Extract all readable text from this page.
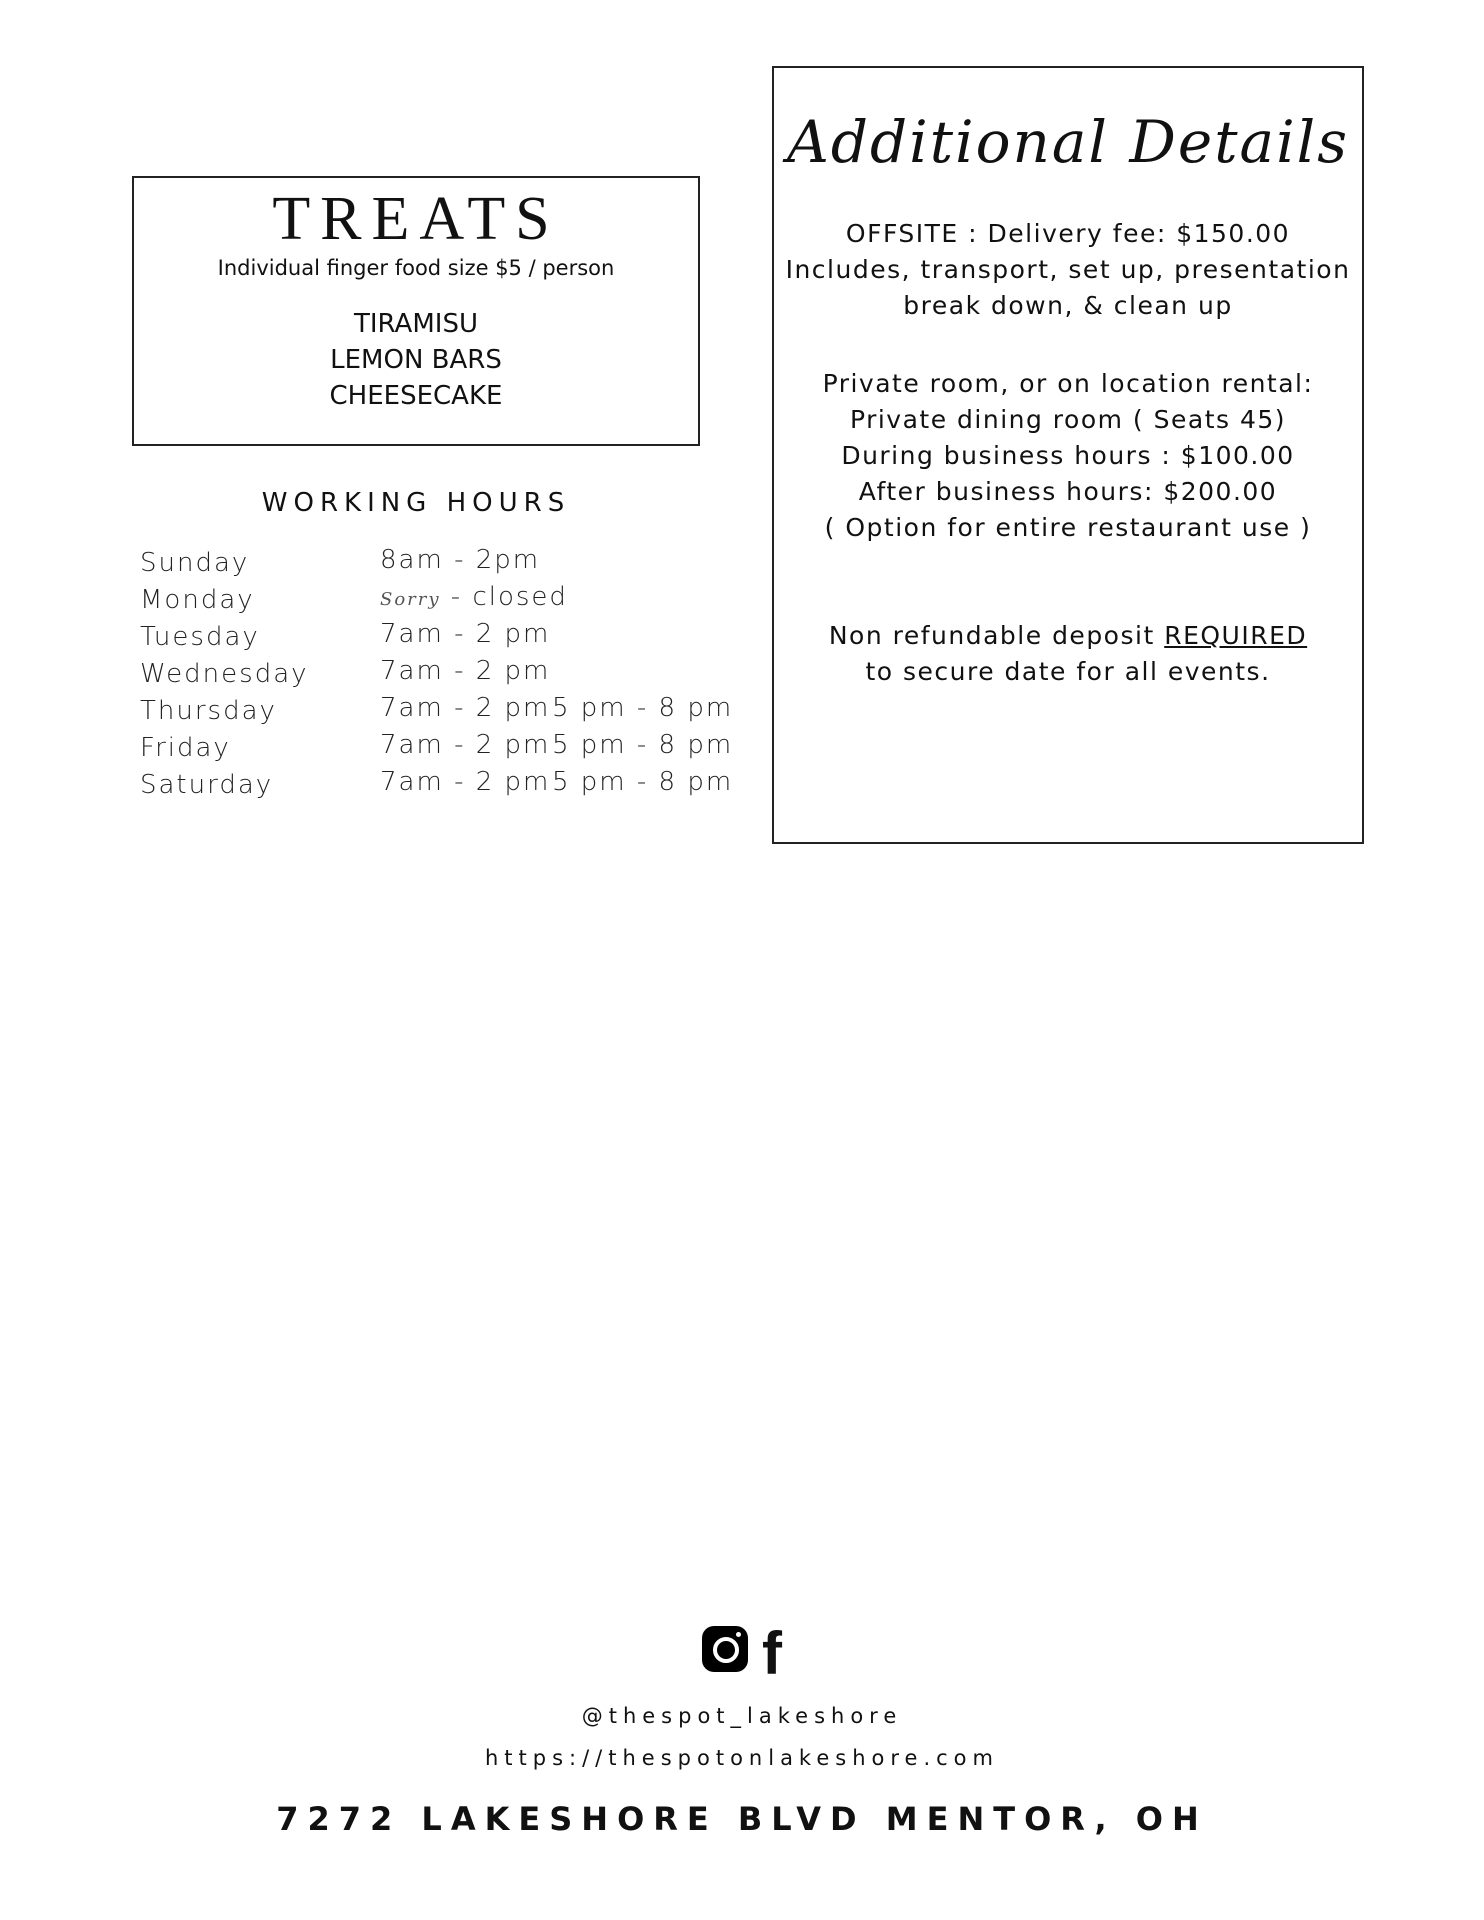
TREATS
Individual finger food size $5 / person
TIRAMISU
LEMON BARS
CHEESECAKE
WORKING HOURS
Sunday	8am - 2pm
Monday	Sorry - closed
Tuesday	7am - 2 pm
Wednesday	7am - 2 pm
Thursday	7am - 2 pm 5 pm - 8 pm
Friday	7am - 2 pm 5 pm - 8 pm
Saturday	7am - 2 pm 5 pm - 8 pm
Additional Details
OFFSITE : Delivery fee: $150.00
Includes, transport, set up, presentation
break down, & clean up
Private room, or on location rental:
Private dining room ( Seats 45)
During business hours : $100.00
After business hours: $200.00
( Option for entire restaurant use )
Non refundable deposit REQUIRED
to secure date for all events.
f
@thespot_lakeshore
https://thespotonlakeshore.com
7272 LAKESHORE BLVD MENTOR, OH
